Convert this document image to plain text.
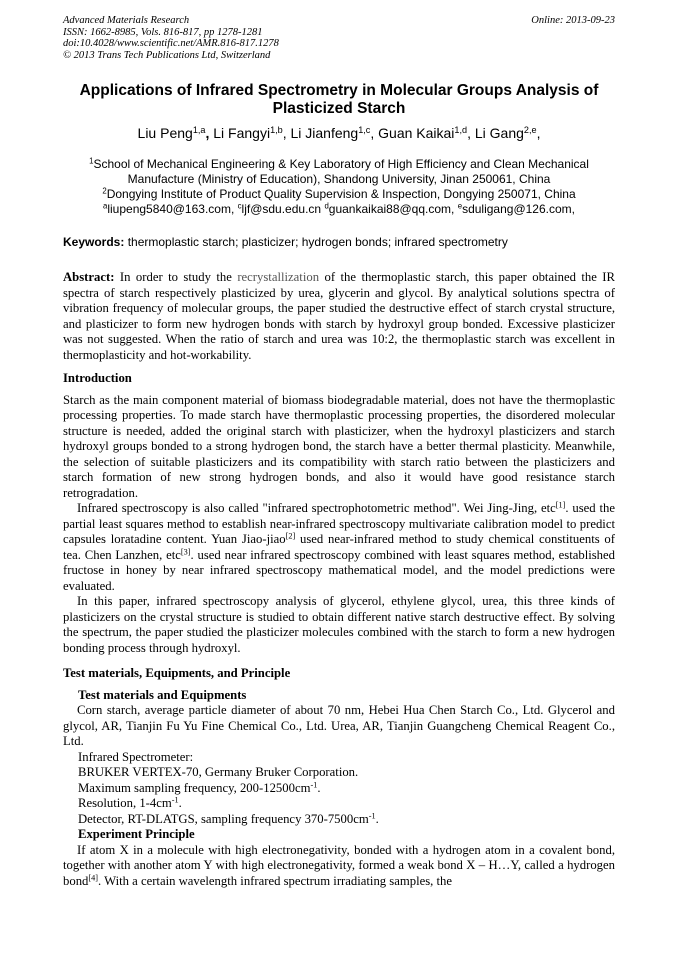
Advanced Materials Research	Online: 2013-09-23
ISSN: 1662-8985, Vols. 816-817, pp 1278-1281
doi:10.4028/www.scientific.net/AMR.816-817.1278
© 2013 Trans Tech Publications Ltd, Switzerland
Applications of Infrared Spectrometry in Molecular Groups Analysis of
Plasticized Starch
Liu Peng$^{1,a}$, Li Fangyi$^{1,b}$, Li Jianfeng$^{1,c}$, Guan Kaikai$^{1,d}$, Li Gang$^{2,e}$,
$^1$School of Mechanical Engineering & Key Laboratory of High Efficiency and Clean Mechanical
Manufacture (Ministry of Education), Shandong University, Jinan 250061, China
$^2$Dongying Institute of Product Quality Supervision & Inspection, Dongying 250071, China
$^a$liupeng5840@163.com, $^c$ljf@sdu.edu.cn $^d$guankaikai88@qq.com, $^e$sduligang@126.com,
Keywords: thermoplastic starch; plasticizer; hydrogen bonds; infrared spectrometry

Abstract: In order to study the recrystallization of the thermoplastic starch, this paper obtained the IR spectra of starch respectively plasticized by urea, glycerin and glycol. By analytical solutions spectra of vibration frequency of molecular groups, the paper studied the destructive effect of starch crystal structure, and plasticizer to form new hydrogen bonds with starch by hydroxyl group bonded. Excessive plasticizer was not suggested. When the ratio of starch and urea was 10:2, the thermoplastic starch was excellent in thermoplasticity and hot-workability.

Introduction

Starch as the main component material of biomass biodegradable material, does not have the thermoplastic processing properties. To made starch have thermoplastic processing properties, the disordered molecular structure is needed, added the original starch with plasticizer, when the hydroxyl plasticizers and starch hydroxyl groups bonded to a strong hydrogen bond, the starch have a better thermal plasticity. Meanwhile, the selection of suitable plasticizers and its compatibility with starch ratio between the plasticizers and starch formation of new strong hydrogen bonds, and also it would have good resistance starch retrogradation.

Infrared spectroscopy is also called "infrared spectrophotometric method". Wei Jing-Jing, etc[1]. used the partial least squares method to establish near-infrared spectroscopy multivariate calibration model to predict capsules loratadine content. Yuan Jiao-jiao[2] used near-infrared method to study chemical constituents of tea. Chen Lanzhen, etc[3]. used near infrared spectroscopy combined with least squares method, established fructose in honey by near infrared spectroscopy mathematical model, and the model predictions were evaluated.

In this paper, infrared spectroscopy analysis of glycerol, ethylene glycol, urea, this three kinds of plasticizers on the crystal structure is studied to obtain different native starch destructive effect. By solving the spectrum, the paper studied the plasticizer molecules combined with the starch to form a new hydrogen bonding process through hydroxyl.

Test materials, Equipments, and Principle
Test materials and Equipments

Corn starch, average particle diameter of about 70 nm, Hebei Hua Chen Starch Co., Ltd. Glycerol and glycol, AR, Tianjin Fu Yu Fine Chemical Co., Ltd. Urea, AR, Tianjin Guangcheng Chemical Reagent Co., Ltd.

Infrared Spectrometer:
BRUKER VERTEX-70, Germany Bruker Corporation.
Maximum sampling frequency, $200-12500cm^{-1}$.
Resolution, $1-4cm^{-1}$.
Detector, RT-DLATGS, sampling frequency $370-7500cm^{-1}$.
Experiment Principle

If atom X in a molecule with high electronegativity, bonded with a hydrogen atom in a covalent bond, together with another atom Y with high electronegativity, formed a weak bond X – H…Y, called a hydrogen bond[4]. With a certain wavelength infrared spectrum irradiating samples, the
